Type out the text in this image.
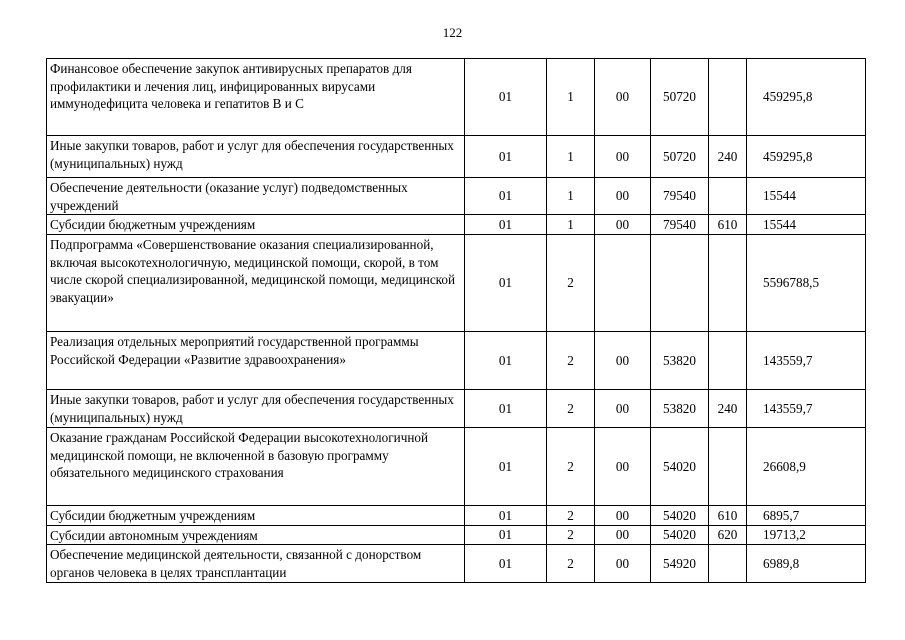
122
Финансовое обеспечение закупок антивирусных препаратов для профилактики и лечения лиц, инфицированных вирусами иммунодефицита человека и гепатитов B и C	01	1	00	50720		459295,8
Иные закупки товаров, работ и услуг для обеспечения государственных (муниципальных) нужд	01	1	00	50720	240	459295,8
Обеспечение деятельности (оказание услуг) подведомственных учреждений	01	1	00	79540		15544
Субсидии бюджетным учреждениям	01	1	00	79540	610	15544
Подпрограмма «Совершенствование оказания специализированной, включая высокотехнологичную, медицинской помощи, скорой, в том числе скорой специализированной, медицинской помощи, медицинской эвакуации»	01	2				5596788,5
Реализация отдельных мероприятий государственной программы Российской Федерации «Развитие здравоохранения»	01	2	00	53820		143559,7
Иные закупки товаров, работ и услуг для обеспечения государственных (муниципальных) нужд	01	2	00	53820	240	143559,7
Оказание гражданам Российской Федерации высокотехнологичной медицинской помощи, не включенной в базовую программу обязательного медицинского страхования	01	2	00	54020		26608,9
Субсидии бюджетным учреждениям	01	2	00	54020	610	6895,7
Субсидии автономным учреждениям	01	2	00	54020	620	19713,2
Обеспечение медицинской деятельности, связанной с донорством органов человека в целях трансплантации	01	2	00	54920		6989,8
